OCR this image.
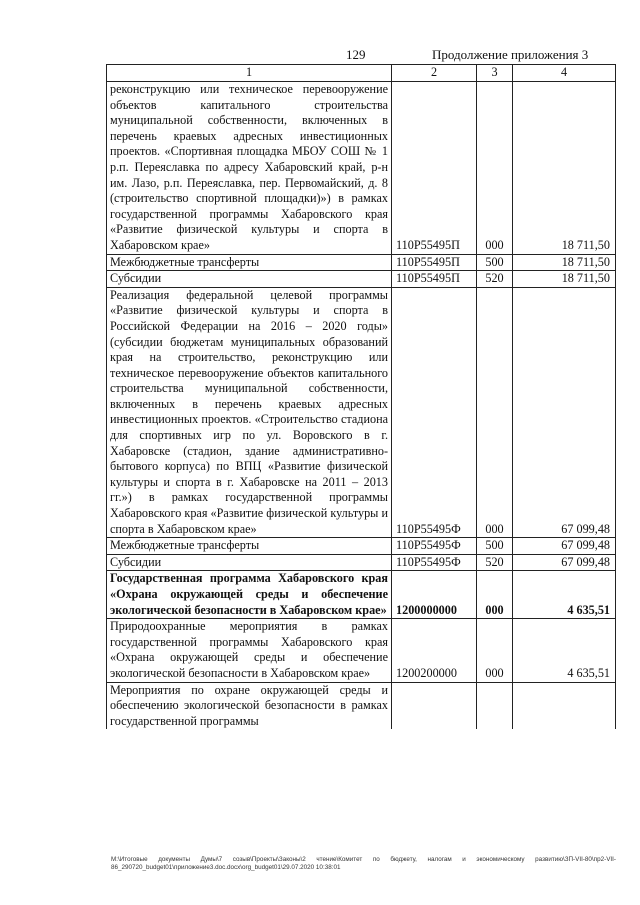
129	Продолжение приложения 3
1	2	3	4
реконструкцию или техническое перевооружение объектов капитального строительства муниципальной собственности, включенных в перечень краевых адресных инвестиционных проектов. «Спортивная площадка МБОУ СОШ № 1 р.п. Переяславка по адресу Хабаровский край, р-н им. Лазо, р.п. Переяславка, пер. Первомайский, д. 8 (строительство спортивной площадки)») в рамках государственной программы Хабаровского края «Развитие физической культуры и спорта в Хабаровском крае»	110P55495П	000	18 711,50
Межбюджетные трансферты	110P55495П	500	18 711,50
Субсидии	110P55495П	520	18 711,50
Реализация федеральной целевой программы «Развитие физической культуры и спорта в Российской Федерации на 2016 – 2020 годы» (субсидии бюджетам муниципальных образований края на строительство, реконструкцию или техническое перевооружение объектов капитального строительства муниципальной собственности, включенных в перечень краевых адресных инвестиционных проектов. «Строительство стадиона для спортивных игр по ул. Воровского в г. Хабаровске (стадион, здание административно-бытового корпуса) по ВПЦ «Развитие физической культуры и спорта в г. Хабаровске на 2011 – 2013 гг.») в рамках государственной программы Хабаровского края «Развитие физической культуры и спорта в Хабаровском крае»	110P55495Ф	000	67 099,48
Межбюджетные трансферты	110P55495Ф	500	67 099,48
Субсидии	110P55495Ф	520	67 099,48
Государственная программа Хабаровского края «Охрана окружающей среды и обеспечение экологической безопасности в Хабаровском крае»	1200000000	000	4 635,51
Природоохранные мероприятия в рамках государственной программы Хабаровского края «Охрана окружающей среды и обеспечение экологической безопасности в Хабаровском крае»	1200200000	000	4 635,51
Мероприятия по охране окружающей среды и обеспечению экологической безопасности в рамках государственной программы			
M:\Итоговые документы Думы\7 созыв\Проекты\Законы\2 чтение\Комитет по бюджету, налогам и экономическому развитию\ЗП-VII-80\пр2-VII-86_290720_budget01\приложение3.doc.docx\org_budget01\29.07.2020 10:38:01
